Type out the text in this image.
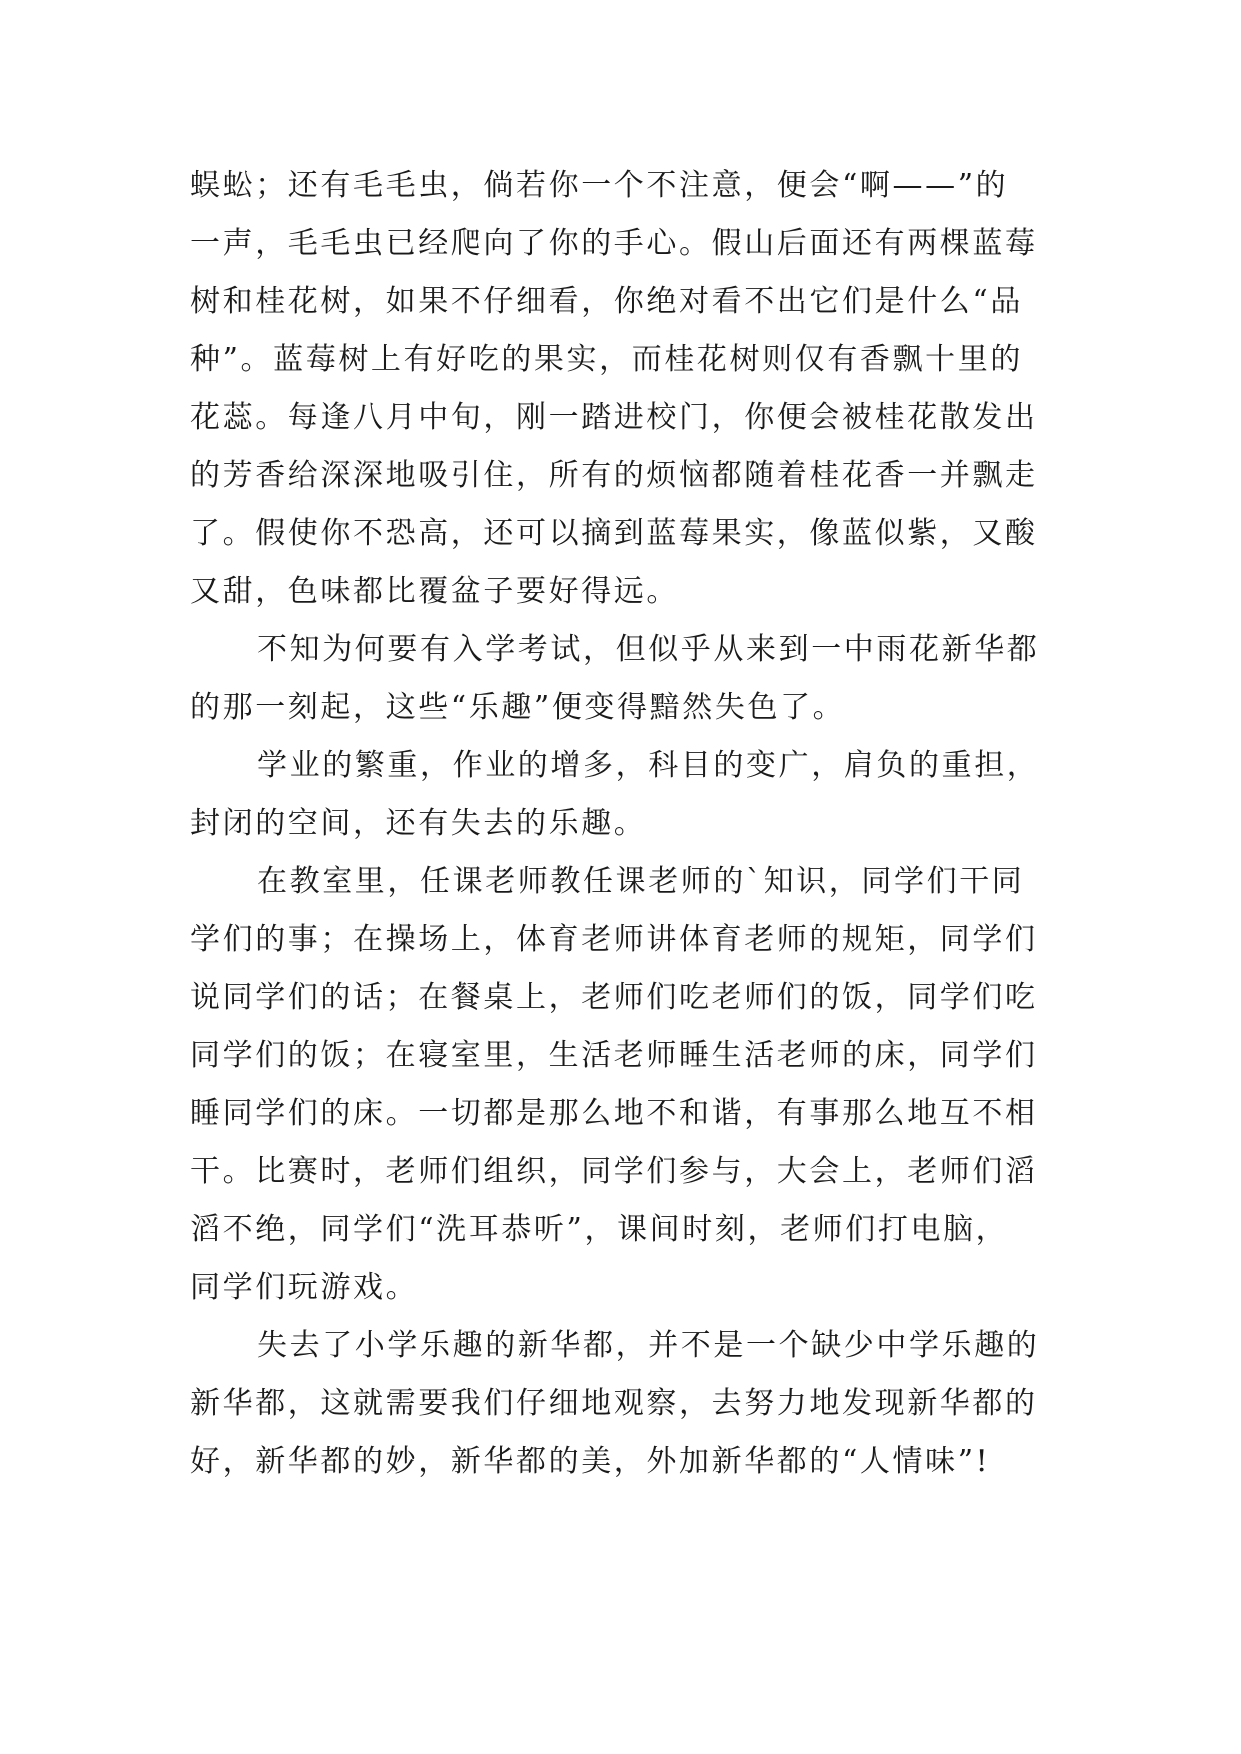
蜈蚣；还有毛毛虫，倘若你一个不注意，便会“啊——”的
一声，毛毛虫已经爬向了你的手心。假山后面还有两棵蓝莓
树和桂花树，如果不仔细看，你绝对看不出它们是什么“品
种”。蓝莓树上有好吃的果实，而桂花树则仅有香飘十里的
花蕊。每逢八月中旬，刚一踏进校门，你便会被桂花散发出
的芳香给深深地吸引住，所有的烦恼都随着桂花香一并飘走
了。假使你不恐高，还可以摘到蓝莓果实，像蓝似紫，又酸
又甜，色味都比覆盆子要好得远。
不知为何要有入学考试，但似乎从来到一中雨花新华都
的那一刻起，这些“乐趣”便变得黯然失色了。
学业的繁重，作业的增多，科目的变广，肩负的重担，
封闭的空间，还有失去的乐趣。
在教室里，任课老师教任课老师的`知识，同学们干同
学们的事；在操场上，体育老师讲体育老师的规矩，同学们
说同学们的话；在餐桌上，老师们吃老师们的饭，同学们吃
同学们的饭；在寝室里，生活老师睡生活老师的床，同学们
睡同学们的床。一切都是那么地不和谐，有事那么地互不相
干。比赛时，老师们组织，同学们参与，大会上，老师们滔
滔不绝，同学们“洗耳恭听”，课间时刻，老师们打电脑，
同学们玩游戏。
失去了小学乐趣的新华都，并不是一个缺少中学乐趣的
新华都，这就需要我们仔细地观察，去努力地发现新华都的
好，新华都的妙，新华都的美，外加新华都的“人情味”!
